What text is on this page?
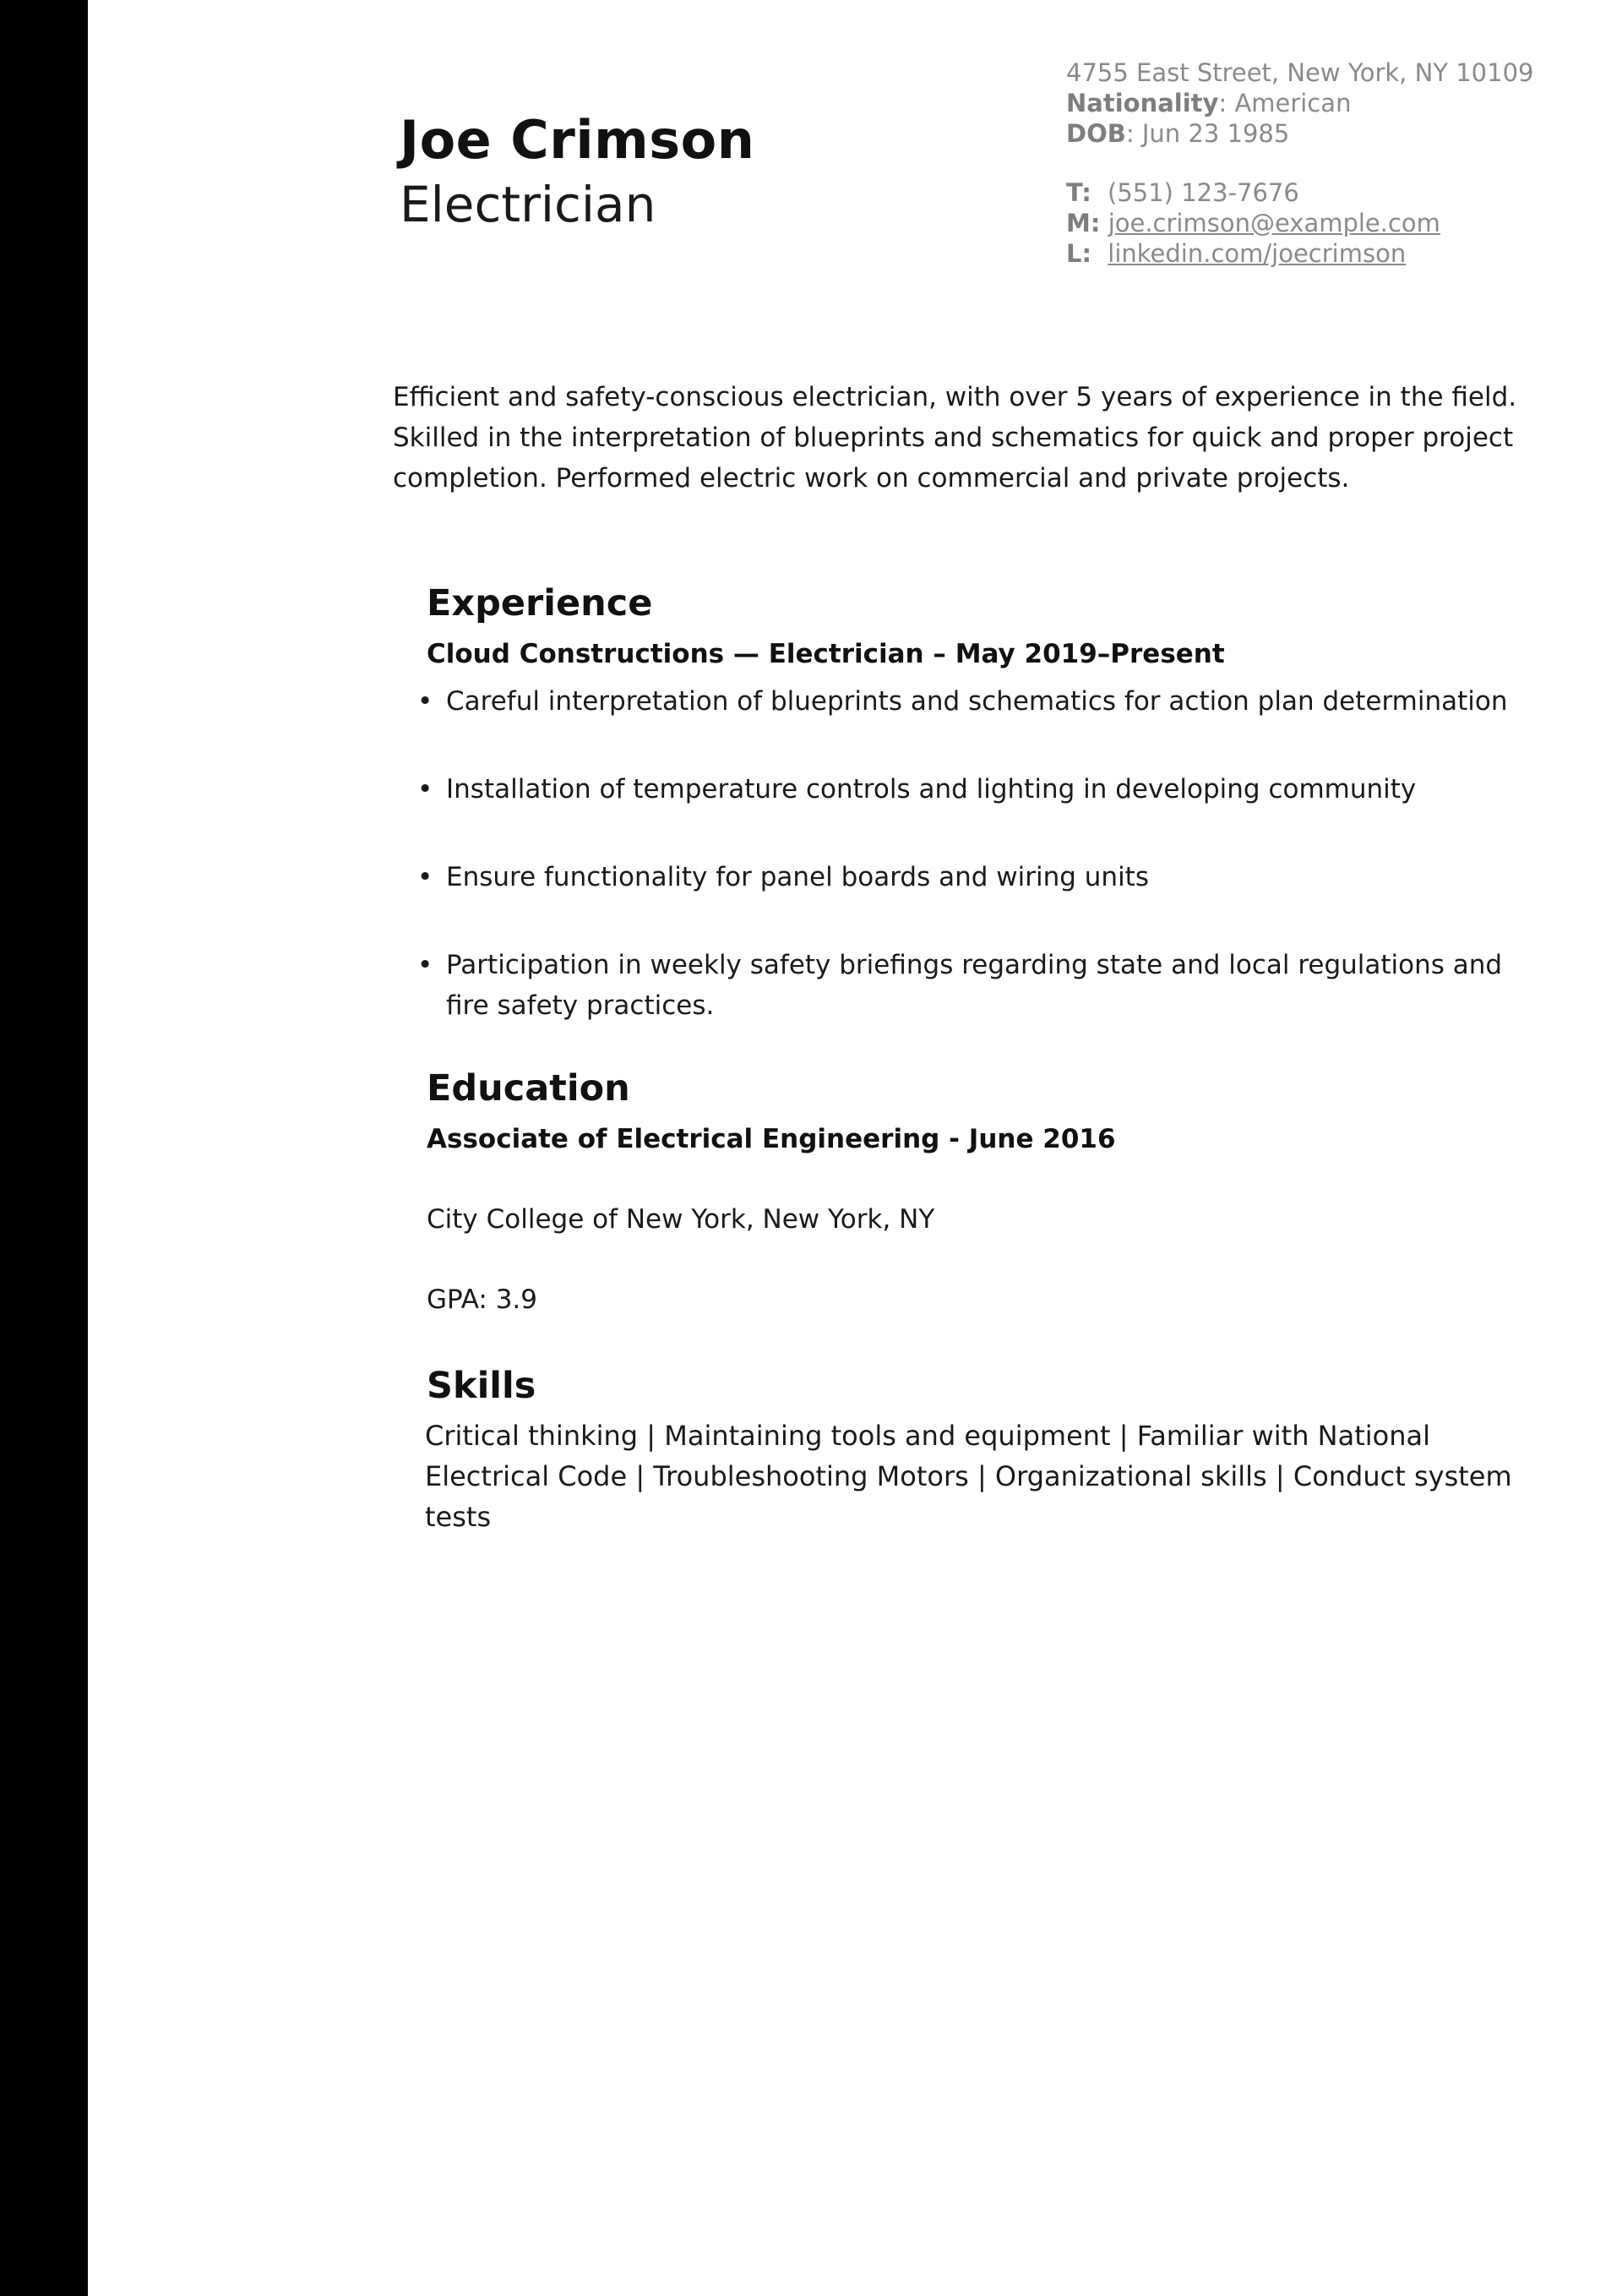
Joe Crimson
Electrician
4755 East Street, New York, NY 10109
Nationality: American
DOB: Jun 23 1985
T: (551) 123-7676
M: joe.crimson@example.com
L: linkedin.com/joecrimson

Efficient and safety-conscious electrician, with over 5 years of experience in the field. Skilled in the interpretation of blueprints and schematics for quick and proper project completion. Performed electric work on commercial and private projects.

Experience
Cloud Constructions — Electrician – May 2019–Present
• Careful interpretation of blueprints and schematics for action plan determination
• Installation of temperature controls and lighting in developing community
• Ensure functionality for panel boards and wiring units
• Participation in weekly safety briefings regarding state and local regulations and fire safety practices.
Education
Associate of Electrical Engineering - June 2016

City College of New York, New York, NY

GPA: 3.9

Skills

Critical thinking | Maintaining tools and equipment | Familiar with National Electrical Code | Troubleshooting Motors | Organizational skills | Conduct system tests
